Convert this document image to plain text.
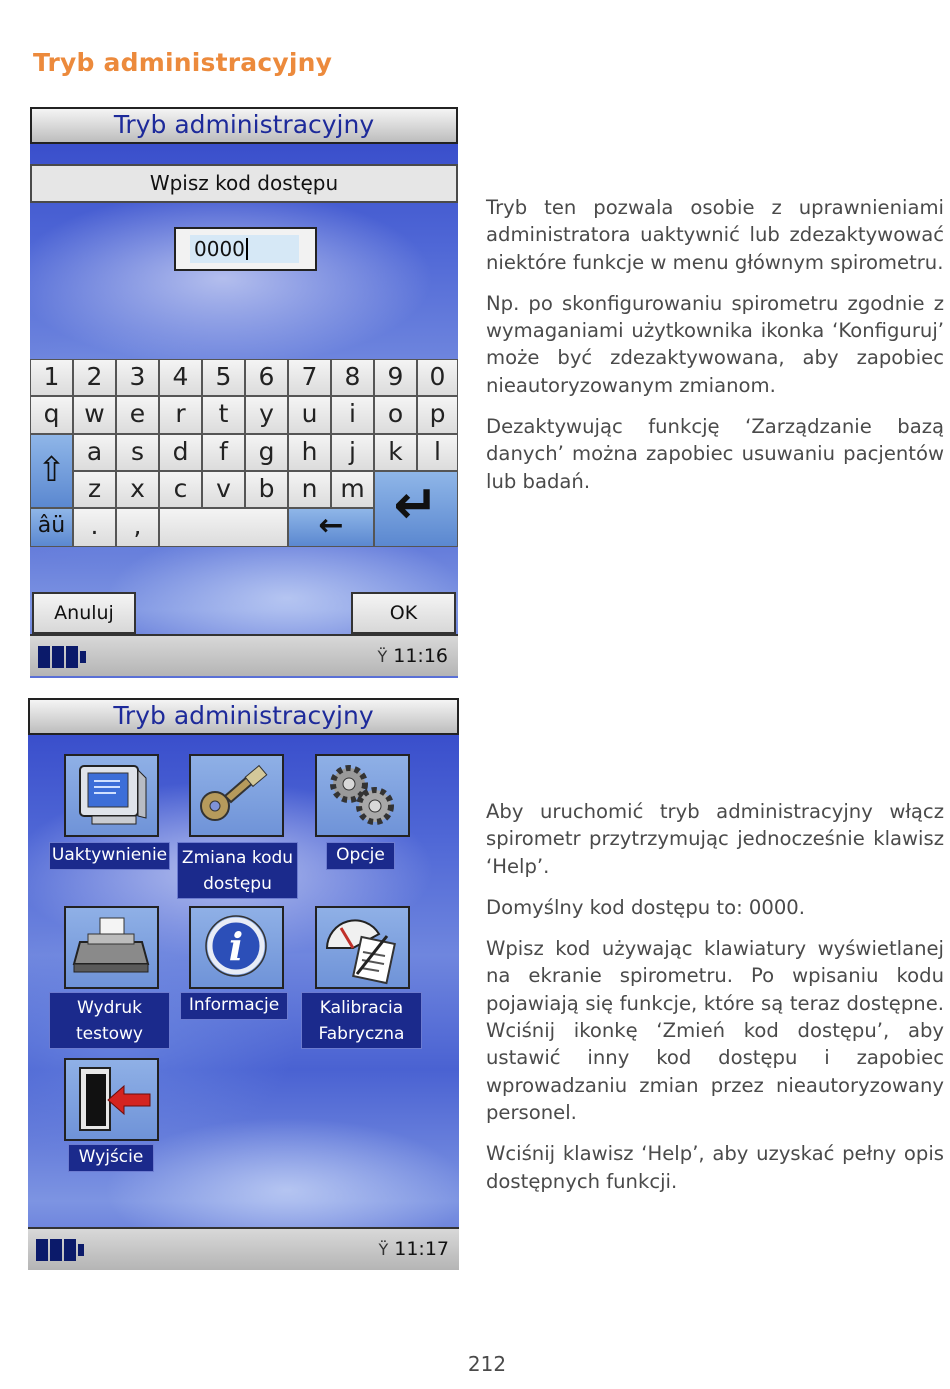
Tryb administracyjny
Tryb administracyjny
Wpisz kod dostępu
0000
1	2	3	4	5	6	7	8	9	0
q w	e	r	t	y	u	i	o	p
⇧ a	s	d	f	g	h	j	k	l
z	x	c	v	b	n m ↵
âü	.	,	←
Anuluj	OK
Ÿ 11:16
Tryb administracyjny
Uaktywnienie Zmiana kodu dostępu
Opcje
Wydruk testowy
i
Informacje	Kalibracia Fabryczna
Wyjście
Ÿ 11:17

Tryb ten pozwala osobie z uprawnieniami administratora uaktywnić lub zdezaktywować niektóre funkcje w menu głównym spirometru.

Np. po skonfigurowaniu spirometru zgodnie z wymaganiami użytkownika ikonka ‘Konfiguruj’ może być zdezaktywowana, aby zapobiec nieautoryzowanym zmianom.

Dezaktywując funkcję ‘Zarządzanie bazą danych’ można zapobiec usuwaniu pacjentów lub badań.

Aby uruchomić tryb administracyjny włącz spirometr przytrzymując jednocześnie klawisz ‘Help’.

Domyślny kod dostępu to: 0000.

Wpisz kod używając klawiatury wyświetlanej na ekranie spirometru. Po wpisaniu kodu pojawiają się funkcje, które są teraz dostępne. Wciśnij ikonkę ‘Zmień kod dostępu’, aby ustawić inny kod dostępu i zapobiec wprowadzaniu zmian przez nieautoryzowany personel.

Wciśnij klawisz ‘Help’, aby uzyskać pełny opis dostępnych funkcji.

212
